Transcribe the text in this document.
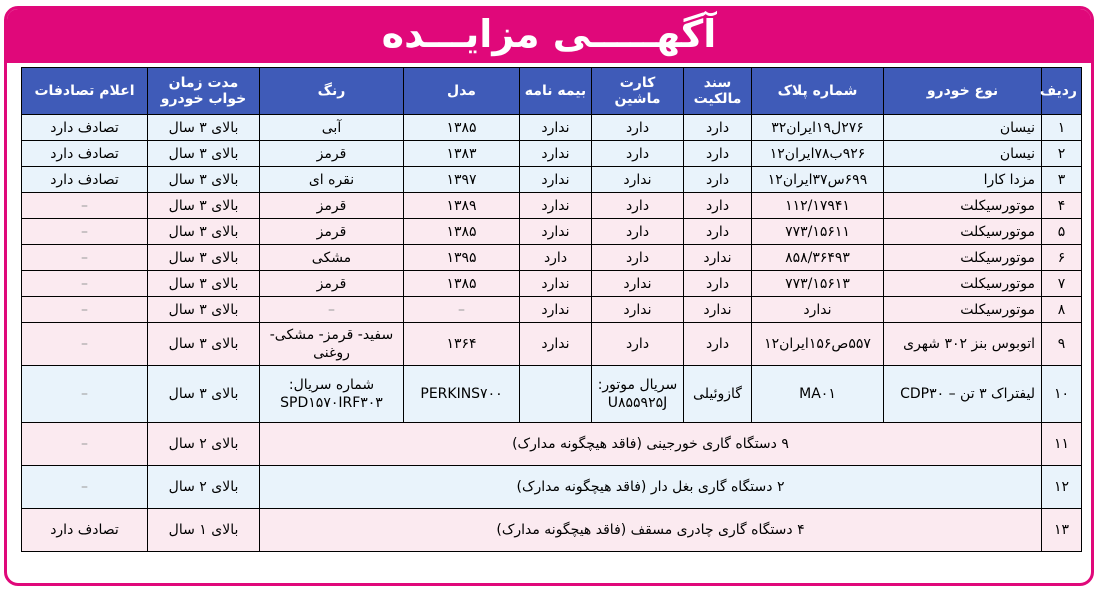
آگهـــــی مزایـــده
ردیف	نوع خودرو	شماره پلاک	سند مالکیت	کارت ماشین	بیمه نامه	مدل	رنگ	مدت زمان خواب خودرو	اعلام تصادفات
۱	نیسان	۲۷۶ل۱۹ایران۳۲	دارد	دارد	ندارد	۱۳۸۵	آبی	بالای ۳ سال	تصادف دارد
۲	نیسان	۹۲۶ب۷۸ایران۱۲	دارد	دارد	ندارد	۱۳۸۳	قرمز	بالای ۳ سال	تصادف دارد
۳	مزدا کارا	۶۹۹س۳۷ایران۱۲	دارد	ندارد	ندارد	۱۳۹۷	نقره ای	بالای ۳ سال	تصادف دارد
۴	موتورسیکلت	۱۱۲/۱۷۹۴۱	دارد	دارد	ندارد	۱۳۸۹	قرمز	بالای ۳ سال	–
۵	موتورسیکلت	۷۷۳/۱۵۶۱۱	دارد	دارد	ندارد	۱۳۸۵	قرمز	بالای ۳ سال	–
۶	موتورسیکلت	۸۵۸/۳۶۴۹۳	ندارد	دارد	دارد	۱۳۹۵	مشکی	بالای ۳ سال	–
۷	موتورسیکلت	۷۷۳/۱۵۶۱۳	دارد	ندارد	ندارد	۱۳۸۵	قرمز	بالای ۳ سال	–
۸	موتورسیکلت	ندارد	ندارد	ندارد	ندارد	–	–	بالای ۳ سال	–
۹	اتوبوس بنز ۳۰۲ شهری	۵۵۷ص۱۵۶ایران۱۲	دارد	دارد	ندارد	۱۳۶۴	سفید- قرمز- مشکی- روغنی	بالای ۳ سال	–
۱۰	لیفتراک ۳ تن – CDP۳۰	MA۰۱	گازوئیلی	سریال موتور: U۸۵۵۹۲۵J		PERKINS۷۰۰	شماره سریال: SPD۱۵۷۰IRF۳۰۳	بالای ۳ سال	–
۱۱	۹ دستگاه گاری خورجینی (فاقد هیچگونه مدارک)							بالای ۲ سال	–
۱۲	۲ دستگاه گاری بغل دار (فاقد هیچگونه مدارک)							بالای ۲ سال	–
۱۳	۴ دستگاه گاری چادری مسقف (فاقد هیچگونه مدارک)							بالای ۱ سال	تصادف دارد
